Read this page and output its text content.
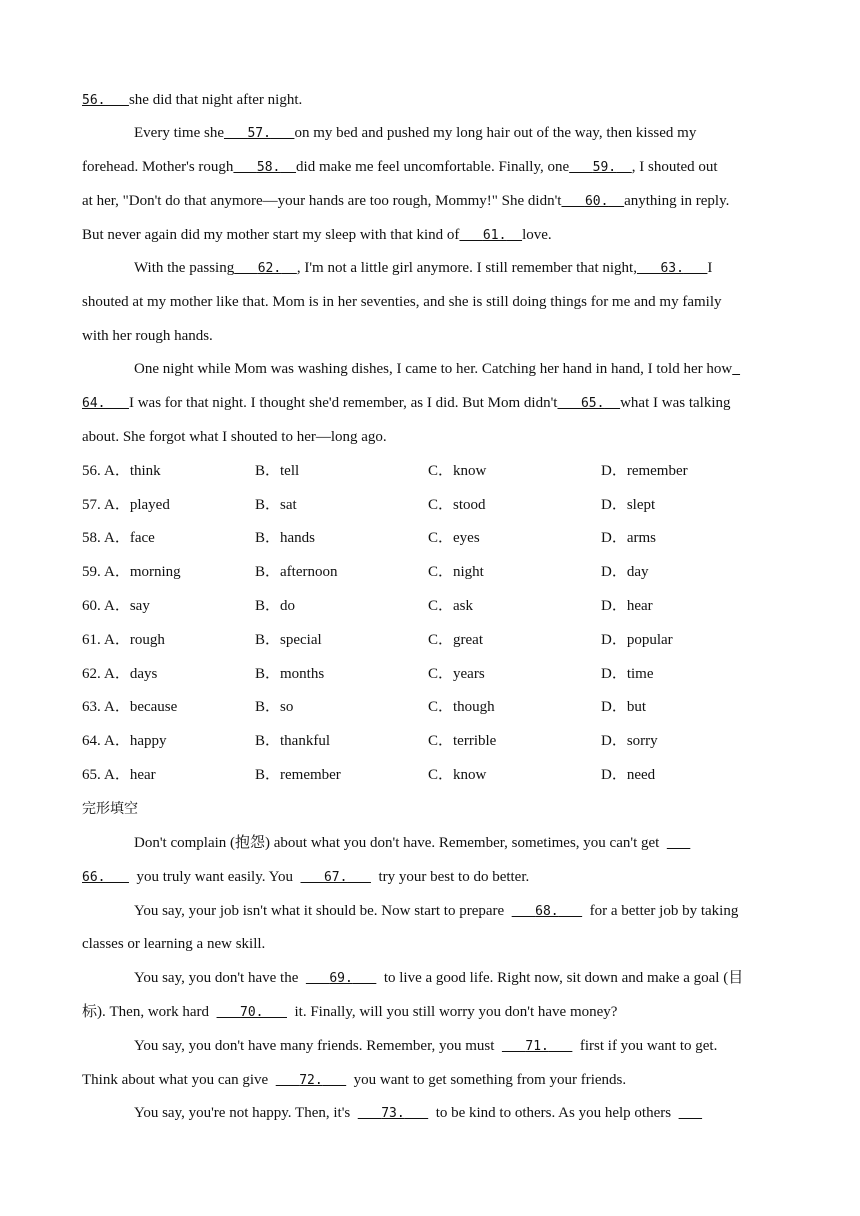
56.    she did that night after night.
Every time she    57.    on my bed and pushed my long hair out of the way, then kissed my
forehead. Mother's rough    58.   did make me feel uncomfortable. Finally, one    59.   , I shouted out
at her, "Don't do that anymore—your hands are too rough, Mommy!" She didn't    60.   anything in reply.
But never again did my mother start my sleep with that kind of    61.   love.
With the passing    62.   , I'm not a little girl anymore. I still remember that night,    63.    I
shouted at my mother like that. Mom is in her seventies, and she is still doing things for me and my family
with her rough hands.
One night while Mom was washing dishes, I came to her. Catching her hand in hand, I told her how 
64.    I was for that night. I thought she'd remember, as I did. But Mom didn't    65.   what I was talking
about. She forgot what I shouted to her—long ago.
56. A．think	B．tell	C．know	D．remember
57. A．played	B．sat	C．stood	D．slept
58. A．face	B．hands	C．eyes	D．arms
59. A．morning	B．afternoon	C．night	D．day
60. A．say	B．do	C．ask	D．hear
61. A．rough	B．special	C．great	D．popular
62. A．days	B．months	C．years	D．time
63. A．because	B．so	C．though	D．but
64. A．happy	B．thankful	C．terrible	D．sorry
65. A．hear	B．remember	C．know	D．need
完形填空
Don't complain (抱怨) about what you don't have. Remember, sometimes, you can't get    
66.     you truly want easily. You     67.     try your best to do better.
You say, your job isn't what it should be. Now start to prepare     68.     for a better job by taking
classes or learning a new skill.
You say, you don't have the     69.     to live a good life. Right now, sit down and make a goal (目
标). Then, work hard     70.     it. Finally, will you still worry you don't have money?
You say, you don't have many friends. Remember, you must     71.     first if you want to get.
Think about what you can give     72.     you want to get something from your friends.
You say, you're not happy. Then, it's     73.     to be kind to others. As you help others    
